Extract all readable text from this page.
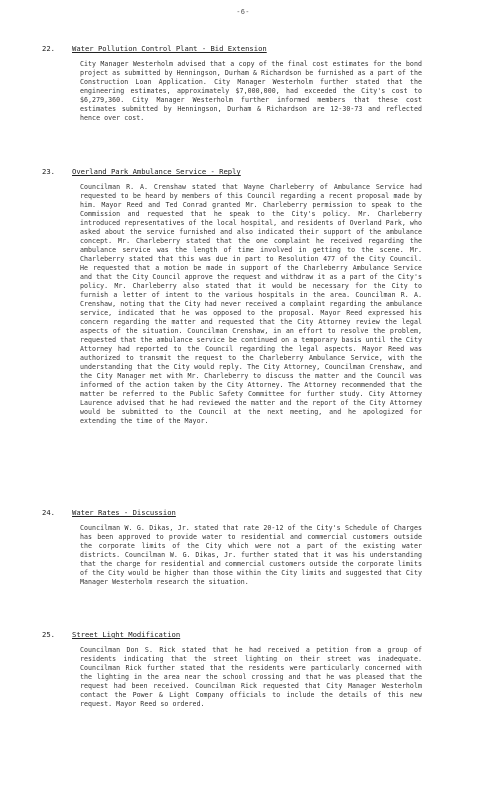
-6-
22. Water Pollution Control Plant - Bid Extension
City Manager Westerholm advised that a copy of the final cost estimates for the bond project as submitted by Henningson, Durham & Richardson be furnished as a part of the Construction Loan Application. City Manager Westerholm further stated that the engineering estimates, approximately $7,000,000, had exceeded the City's cost to $6,279,360. City Manager Westerholm further informed members that these cost estimates submitted by Henningson, Durham & Richardson are 12-30-73 and reflected hence over cost.
23. Overland Park Ambulance Service - Reply
Councilman R. A. Crenshaw stated that Wayne Charleberry of Ambulance Service had requested to be heard by members of this Council regarding a recent proposal made by him. Mayor Reed and Ted Conrad granted Mr. Charleberry permission to speak to the Commission and requested that he speak to the City's policy. Mr. Charleberry introduced representatives of the local hospital, and residents of Overland Park, who asked about the service furnished and also indicated their support of the ambulance concept. Mr. Charleberry stated that the one complaint he received regarding the ambulance service was the length of time involved in getting to the scene. Mr. Charleberry stated that this was due in part to Resolution 477 of the City Council. He requested that a motion be made in support of the Charleberry Ambulance Service and that the City Council approve the request and withdraw it as a part of the City's policy. Mr. Charleberry also stated that it would be necessary for the City to furnish a letter of intent to the various hospitals in the area. Councilman R. A. Crenshaw, noting that the City had never received a complaint regarding the ambulance service, indicated that he was opposed to the proposal. Mayor Reed expressed his concern regarding the matter and requested that the City Attorney review the legal aspects of the situation. Councilman Crenshaw, in an effort to resolve the problem, requested that the ambulance service be continued on a temporary basis until the City Attorney had reported to the Council regarding the legal aspects. Mayor Reed was authorized to transmit the request to the Charleberry Ambulance Service, with the understanding that the City would reply. The City Attorney, Councilman Crenshaw, and the City Manager met with Mr. Charleberry to discuss the matter and the Council was informed of the action taken by the City Attorney. The Attorney recommended that the matter be referred to the Public Safety Committee for further study. City Attorney Laurence advised that he had reviewed the matter and the report of the City Attorney would be submitted to the Council at the next meeting, and he apologized for extending the time of the Mayor.
24. Water Rates - Discussion
Councilman W. G. Dikas, Jr. stated that rate 20-12 of the City's Schedule of Charges has been approved to provide water to residential and commercial customers outside the corporate limits of the City which were not a part of the existing water districts. Councilman W. G. Dikas, Jr. further stated that it was his understanding that the charge for residential and commercial customers outside the corporate limits of the City would be higher than those within the City limits and suggested that City Manager Westerholm research the situation.
25. Street Light Modification
Councilman Don S. Rick stated that he had received a petition from a group of residents indicating that the street lighting on their street was inadequate. Councilman Rick further stated that the residents were particularly concerned with the lighting in the area near the school crossing and that he was pleased that the request had been received. Councilman Rick requested that City Manager Westerholm contact the Power & Light Company officials to include the details of this new request. Mayor Reed so ordered.
